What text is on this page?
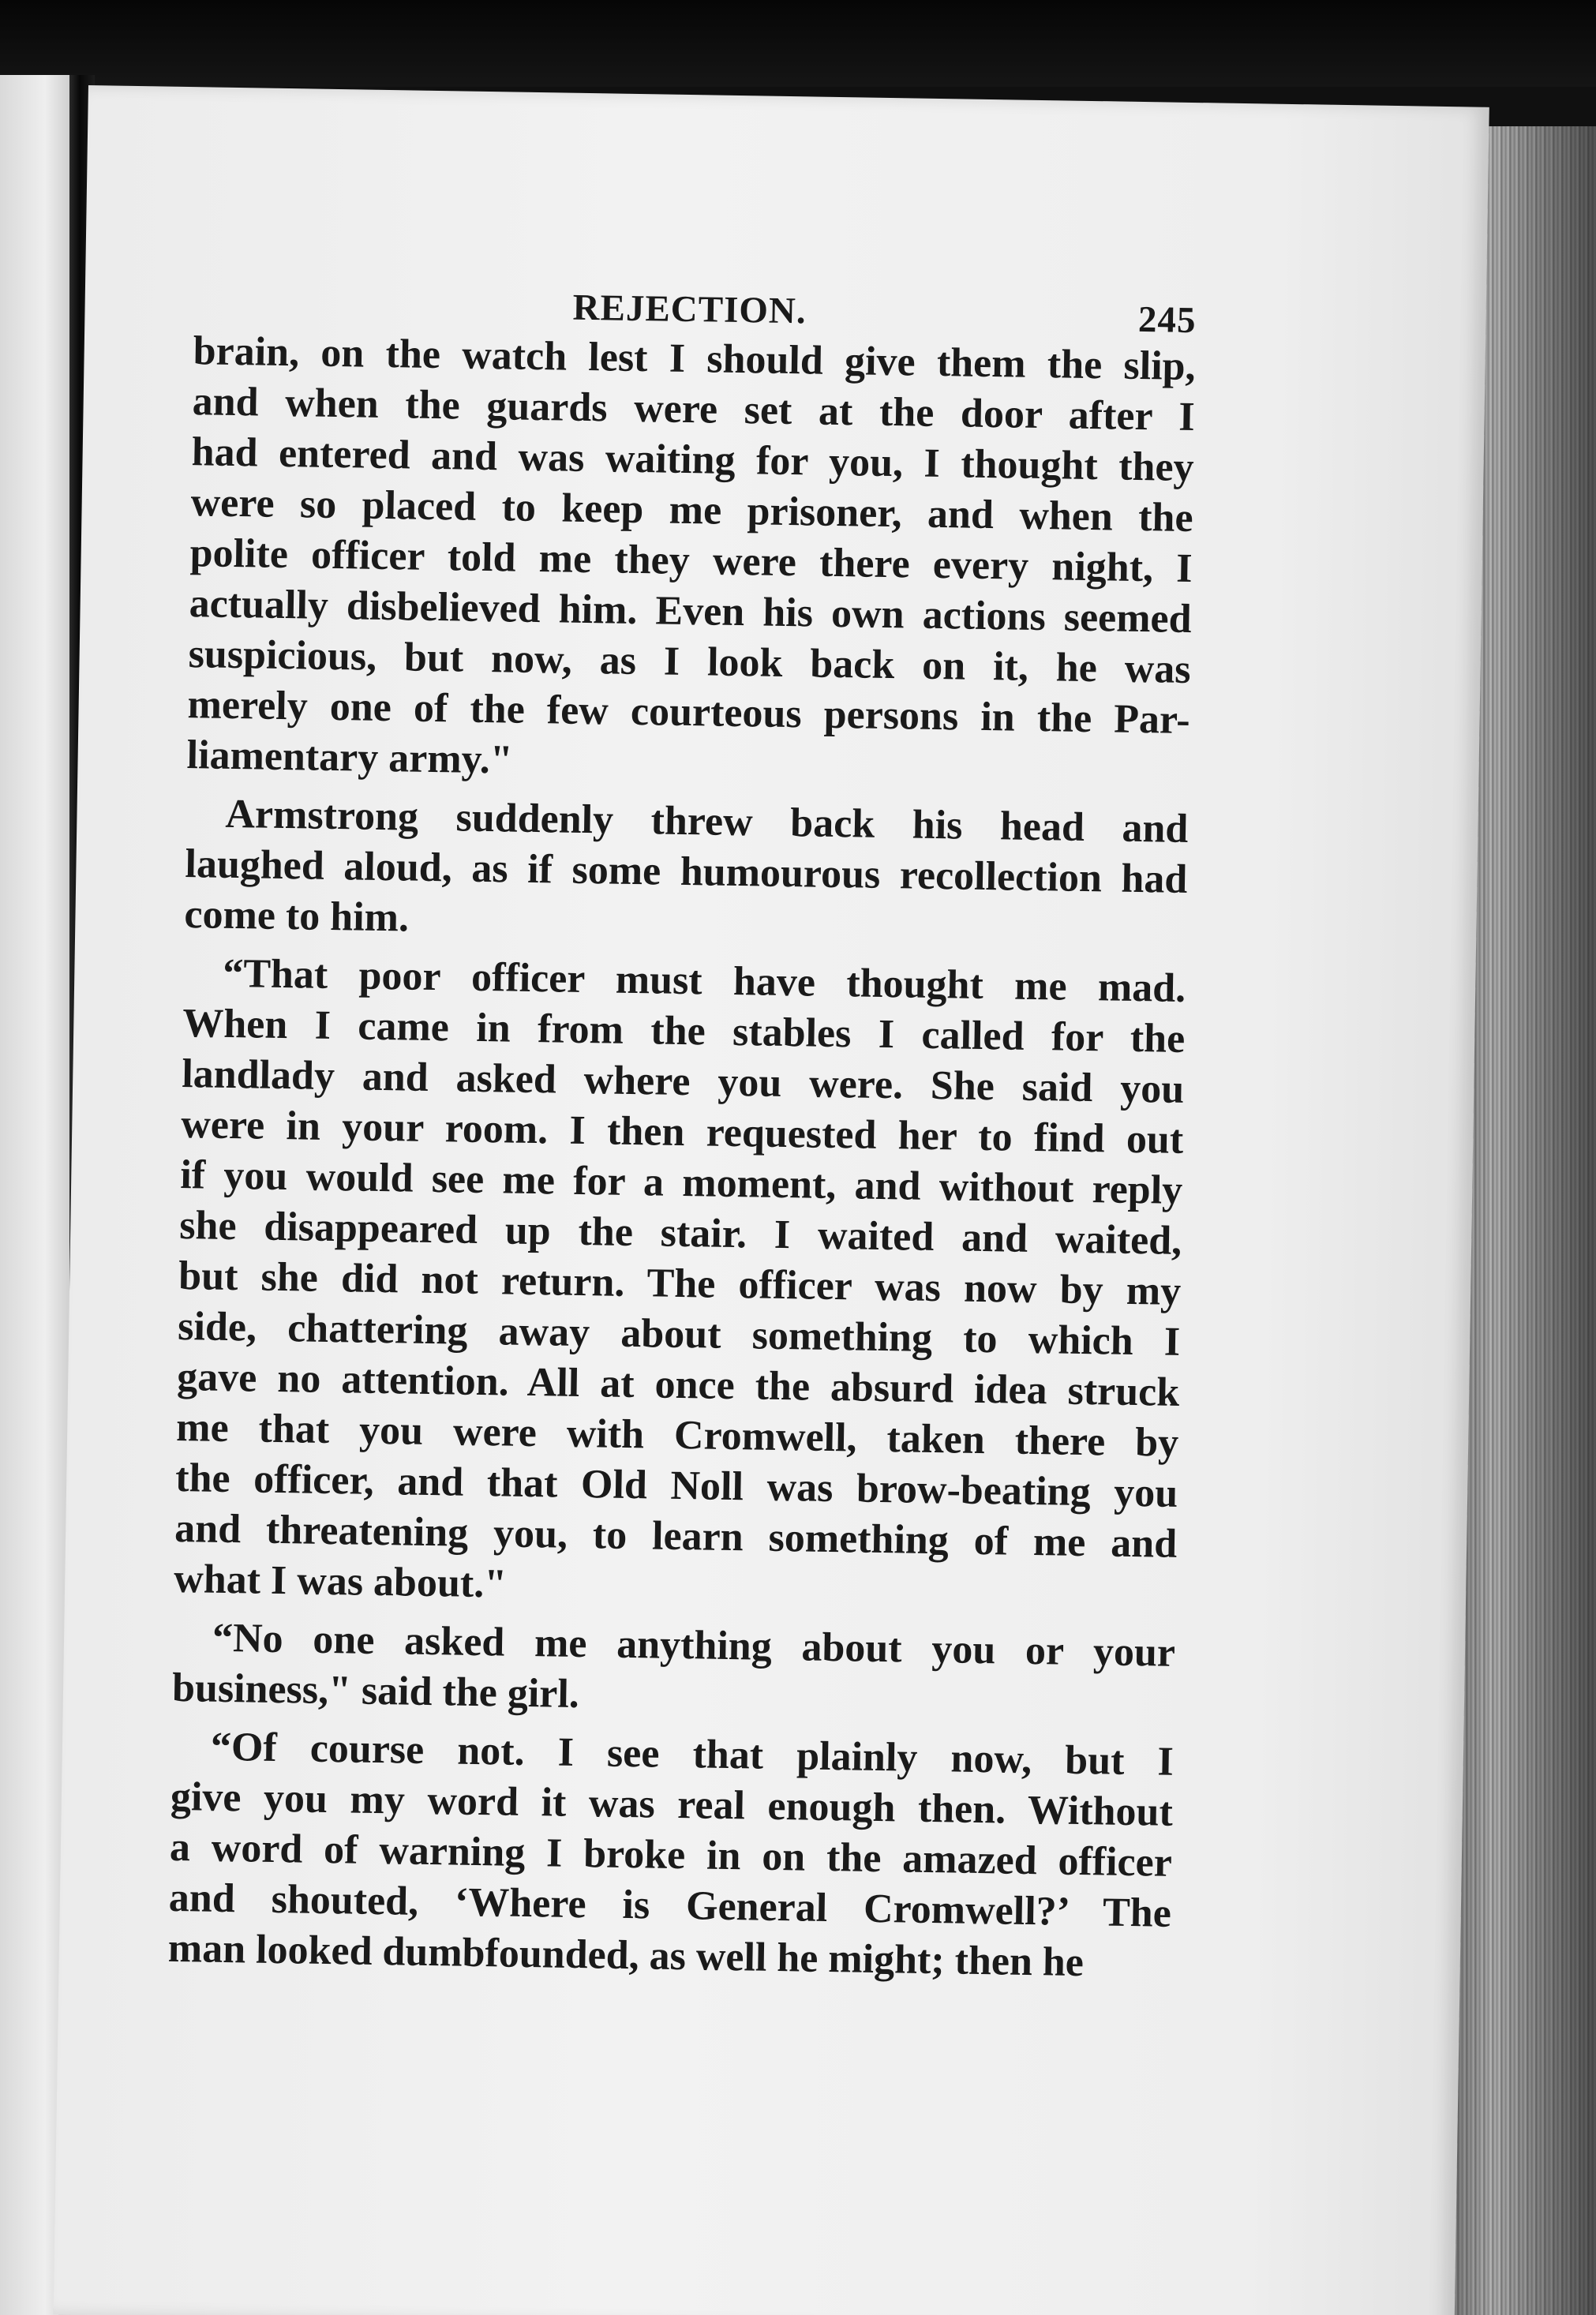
REJECTION.	245
brain, on the watch lest I should give them the slip,
and when the guards were set at the door after I
had entered and was waiting for you, I thought they
were so placed to keep me prisoner, and when the
polite officer told me they were there every night, I
actually disbelieved him. Even his own actions seemed
suspicious, but now, as I look back on it, he was
merely one of the few courteous persons in the Par-
liamentary army."
Armstrong suddenly threw back his head and
laughed aloud, as if some humourous recollection had
come to him.
“That poor officer must have thought me mad.
When I came in from the stables I called for the
landlady and asked where you were. She said you
were in your room. I then requested her to find out
if you would see me for a moment, and without reply
she disappeared up the stair. I waited and waited,
but she did not return. The officer was now by my
side, chattering away about something to which I
gave no attention. All at once the absurd idea struck
me that you were with Cromwell, taken there by
the officer, and that Old Noll was brow-beating you
and threatening you, to learn something of me and
what I was about."
“No one asked me anything about you or your
business," said the girl.
“Of course not. I see that plainly now, but I
give you my word it was real enough then. Without
a word of warning I broke in on the amazed officer
and shouted, ‘Where is General Cromwell?’ The
man looked dumbfounded, as well he might; then he
